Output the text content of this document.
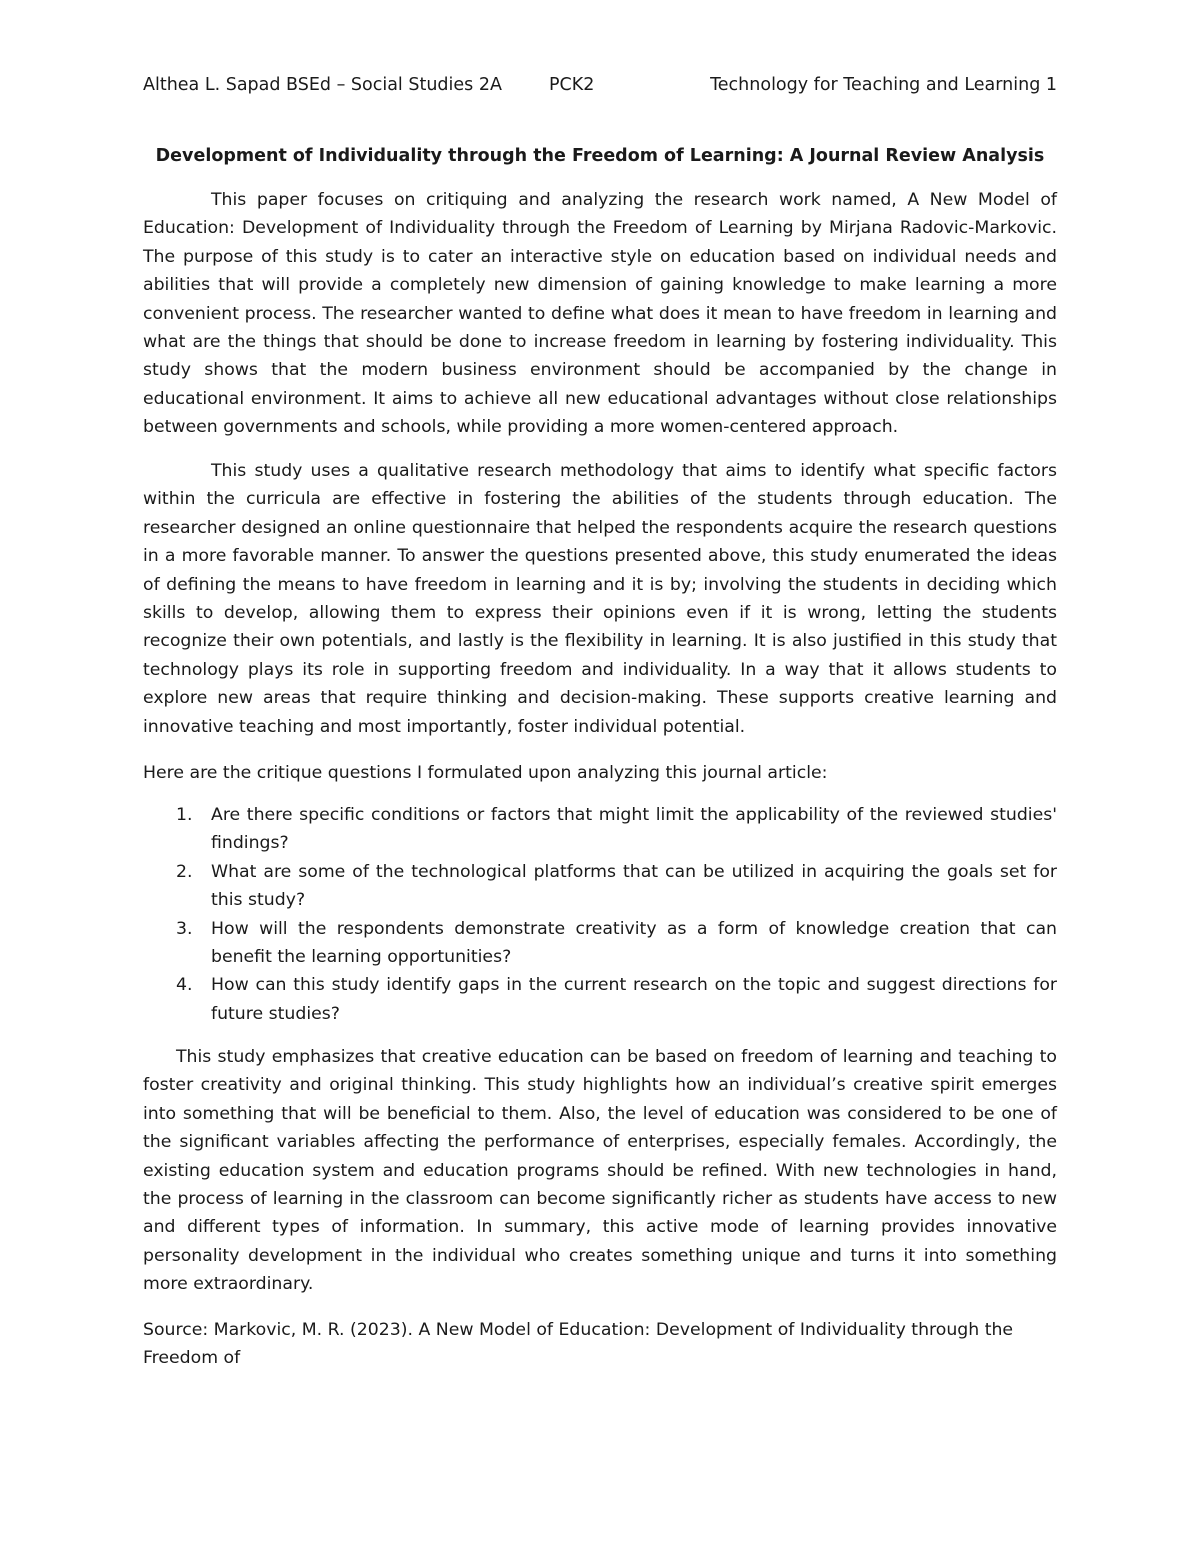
Althea L. Sapad BSEd – Social Studies 2A	PCK2	Technology for Teaching and Learning 1
Development of Individuality through the Freedom of Learning: A Journal Review Analysis

This paper focuses on critiquing and analyzing the research work named, A New Model of Education: Development of Individuality through the Freedom of Learning by Mirjana Radovic-Markovic. The purpose of this study is to cater an interactive style on education based on individual needs and abilities that will provide a completely new dimension of gaining knowledge to make learning a more convenient process. The researcher wanted to define what does it mean to have freedom in learning and what are the things that should be done to increase freedom in learning by fostering individuality. This study shows that the modern business environment should be accompanied by the change in educational environment. It aims to achieve all new educational advantages without close relationships between governments and schools, while providing a more women-centered approach.

This study uses a qualitative research methodology that aims to identify what specific factors within the curricula are effective in fostering the abilities of the students through education. The researcher designed an online questionnaire that helped the respondents acquire the research questions in a more favorable manner. To answer the questions presented above, this study enumerated the ideas of defining the means to have freedom in learning and it is by; involving the students in deciding which skills to develop, allowing them to express their opinions even if it is wrong, letting the students recognize their own potentials, and lastly is the flexibility in learning. It is also justified in this study that technology plays its role in supporting freedom and individuality. In a way that it allows students to explore new areas that require thinking and decision-making. These supports creative learning and innovative teaching and most importantly, foster individual potential.

Here are the critique questions I formulated upon analyzing this journal article:

1. Are there specific conditions or factors that might limit the applicability of the reviewed studies' findings?
2. What are some of the technological platforms that can be utilized in acquiring the goals set for this study?
3. How will the respondents demonstrate creativity as a form of knowledge creation that can benefit the learning opportunities?
4. How can this study identify gaps in the current research on the topic and suggest directions for future studies?

This study emphasizes that creative education can be based on freedom of learning and teaching to foster creativity and original thinking. This study highlights how an individual’s creative spirit emerges into something that will be beneficial to them. Also, the level of education was considered to be one of the significant variables affecting the performance of enterprises, especially females. Accordingly, the existing education system and education programs should be refined. With new technologies in hand, the process of learning in the classroom can become significantly richer as students have access to new and different types of information. In summary, this active mode of learning provides innovative personality development in the individual who creates something unique and turns it into something more extraordinary.

Source: Markovic, M. R. (2023). A New Model of Education: Development of Individuality through the Freedom of
